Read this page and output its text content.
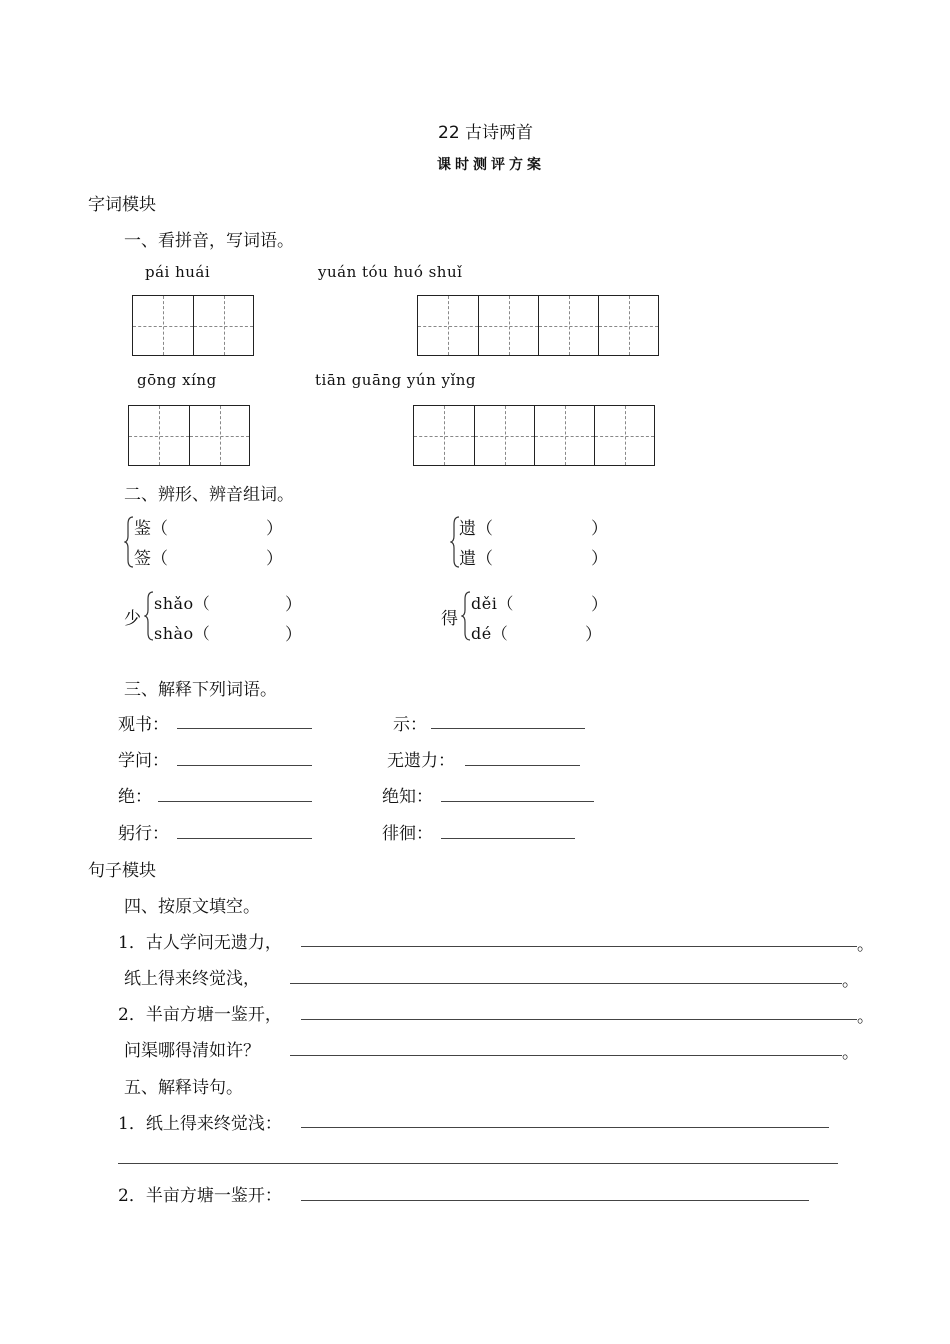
22 古诗两首
课时测评方案
字词模块
一、看拼音，写词语。
pái huái	yuán tóu huó shuǐ
gōng xíng	tiān guāng yún yǐng
二、辨形、辨音组词。
鉴（	）
签（	）
遗（	）
遣（	）
少
shǎo（	）
shào（	）
得
děi（	）
dé（	）
三、解释下列词语。
观书：	示：
学问：	无遗力：
绝：	绝知：
躬行：	徘徊：
句子模块
四、按原文填空。
1．古人学问无遗力，	。
纸上得来终觉浅，	。
2．半亩方塘一鉴开，	。
问渠哪得清如许？	。
五、解释诗句。
1．纸上得来终觉浅：
2．半亩方塘一鉴开：
